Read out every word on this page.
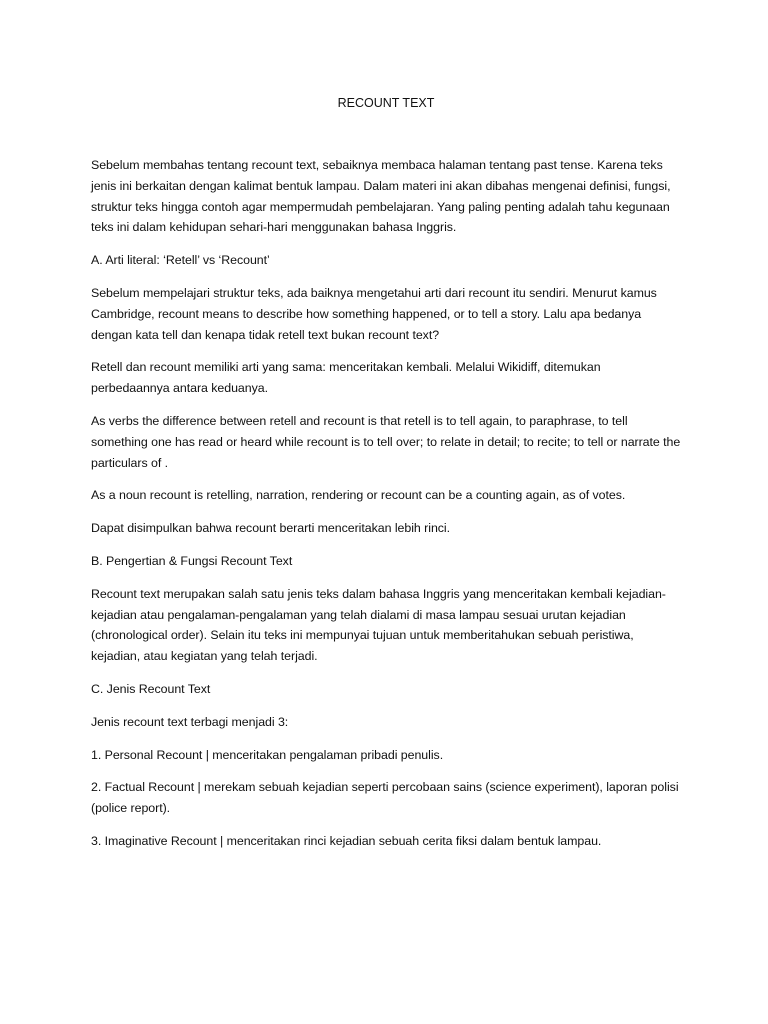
RECOUNT TEXT

Sebelum membahas tentang recount text, sebaiknya membaca halaman tentang past tense. Karena teks jenis ini berkaitan dengan kalimat bentuk lampau. Dalam materi ini akan dibahas mengenai definisi, fungsi, struktur teks hingga contoh agar mempermudah pembelajaran. Yang paling penting adalah tahu kegunaan teks ini dalam kehidupan sehari-hari menggunakan bahasa Inggris.

A. Arti literal: ‘Retell’ vs ‘Recount’

Sebelum mempelajari struktur teks, ada baiknya mengetahui arti dari recount itu sendiri. Menurut kamus Cambridge, recount means to describe how something happened, or to tell a story. Lalu apa bedanya dengan kata tell dan kenapa tidak retell text bukan recount text?

Retell dan recount memiliki arti yang sama: menceritakan kembali. Melalui Wikidiff, ditemukan perbedaannya antara keduanya.

As verbs the difference between retell and recount is that retell is to tell again, to paraphrase, to tell something one has read or heard while recount is to tell over; to relate in detail; to recite; to tell or narrate the particulars of .

As a noun recount is retelling, narration, rendering or recount can be a counting again, as of votes.

Dapat disimpulkan bahwa recount berarti menceritakan lebih rinci.

B. Pengertian & Fungsi Recount Text

Recount text merupakan salah satu jenis teks dalam bahasa Inggris yang menceritakan kembali kejadian-kejadian atau pengalaman-pengalaman yang telah dialami di masa lampau sesuai urutan kejadian (chronological order). Selain itu teks ini mempunyai tujuan untuk memberitahukan sebuah peristiwa, kejadian, atau kegiatan yang telah terjadi.

C. Jenis Recount Text

Jenis recount text terbagi menjadi 3:

1. Personal Recount | menceritakan pengalaman pribadi penulis.

2. Factual Recount | merekam sebuah kejadian seperti percobaan sains (science experiment), laporan polisi (police report).

3. Imaginative Recount | menceritakan rinci kejadian sebuah cerita fiksi dalam bentuk lampau.
